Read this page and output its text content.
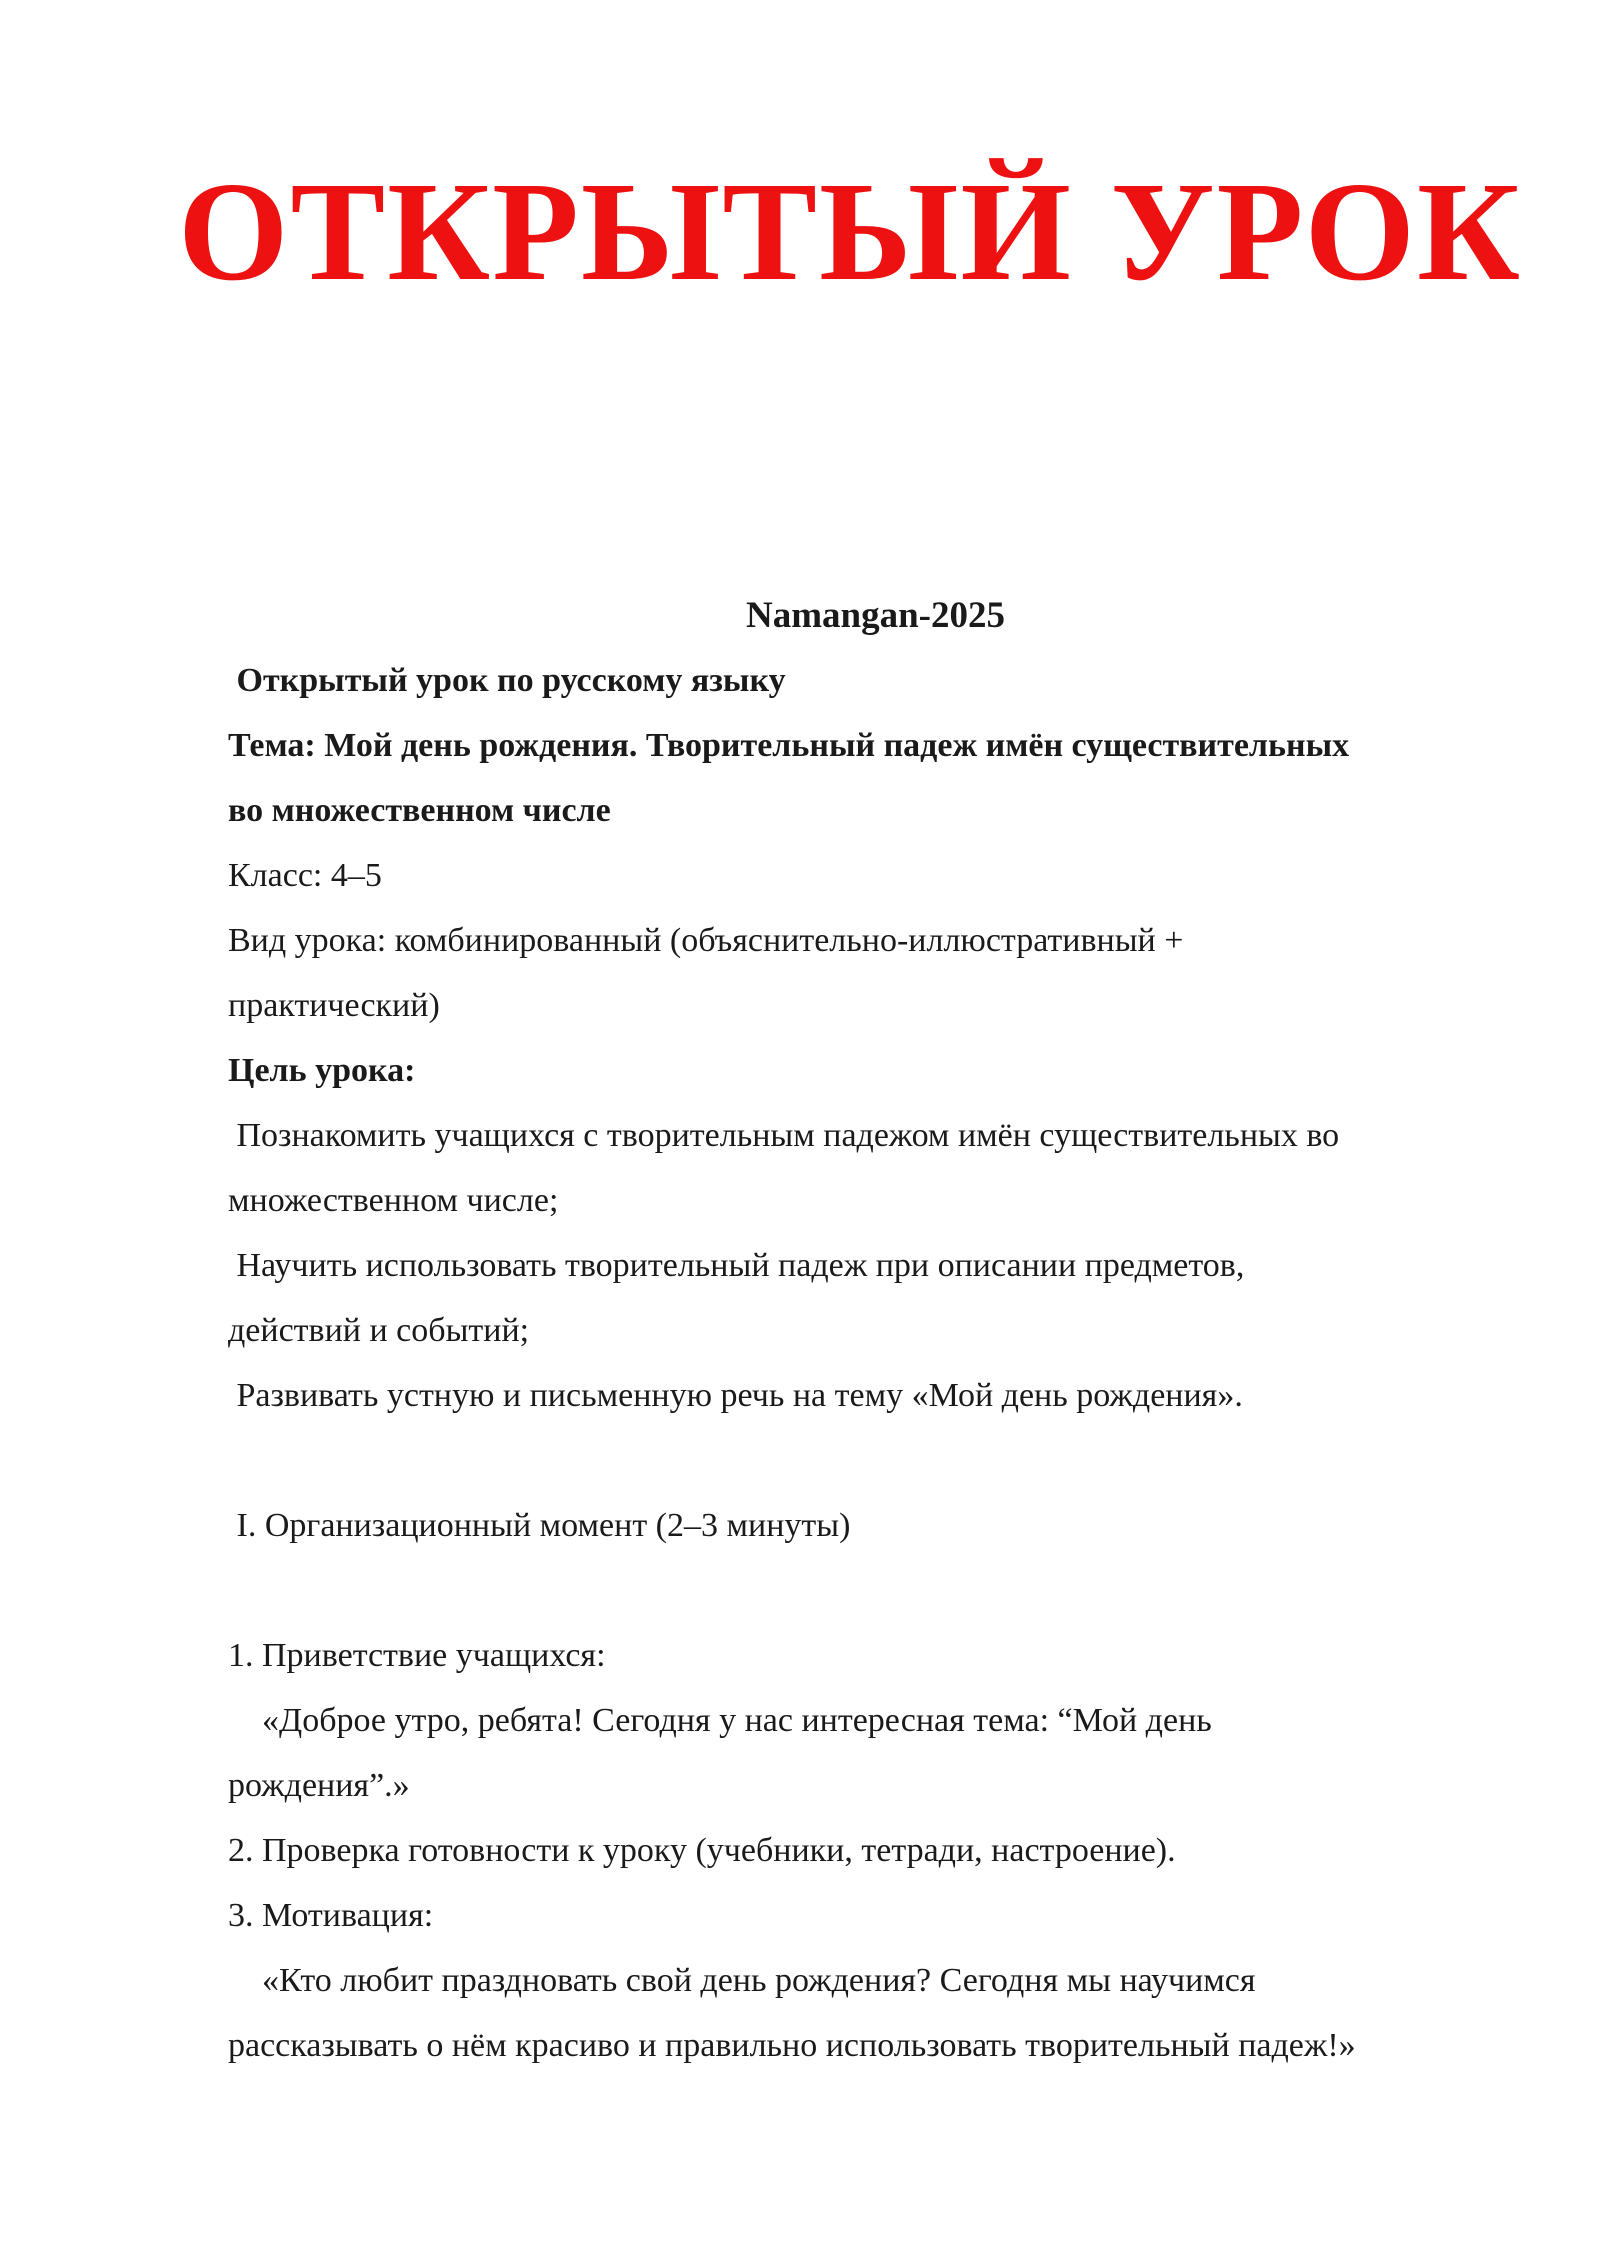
ОТКРЫТЫЙ УРОК
Namangan-2025
Открытый урок по русскому языку
Тема: Мой день рождения. Творительный падеж имён существительных
во множественном числе
Класс: 4–5
Вид урока: комбинированный (объяснительно-иллюстративный +
практический)
Цель урока:
Познакомить учащихся с творительным падежом имён существительных во
множественном числе;
Научить использовать творительный падеж при описании предметов,
действий и событий;
Развивать устную и письменную речь на тему «Мой день рождения».
I. Организационный момент (2–3 минуты)
1. Приветствие учащихся:
«Доброе утро, ребята! Сегодня у нас интересная тема: “Мой день
рождения”.»
2. Проверка готовности к уроку (учебники, тетради, настроение).
3. Мотивация:
«Кто любит праздновать свой день рождения? Сегодня мы научимся
рассказывать о нём красиво и правильно использовать творительный падеж!»
